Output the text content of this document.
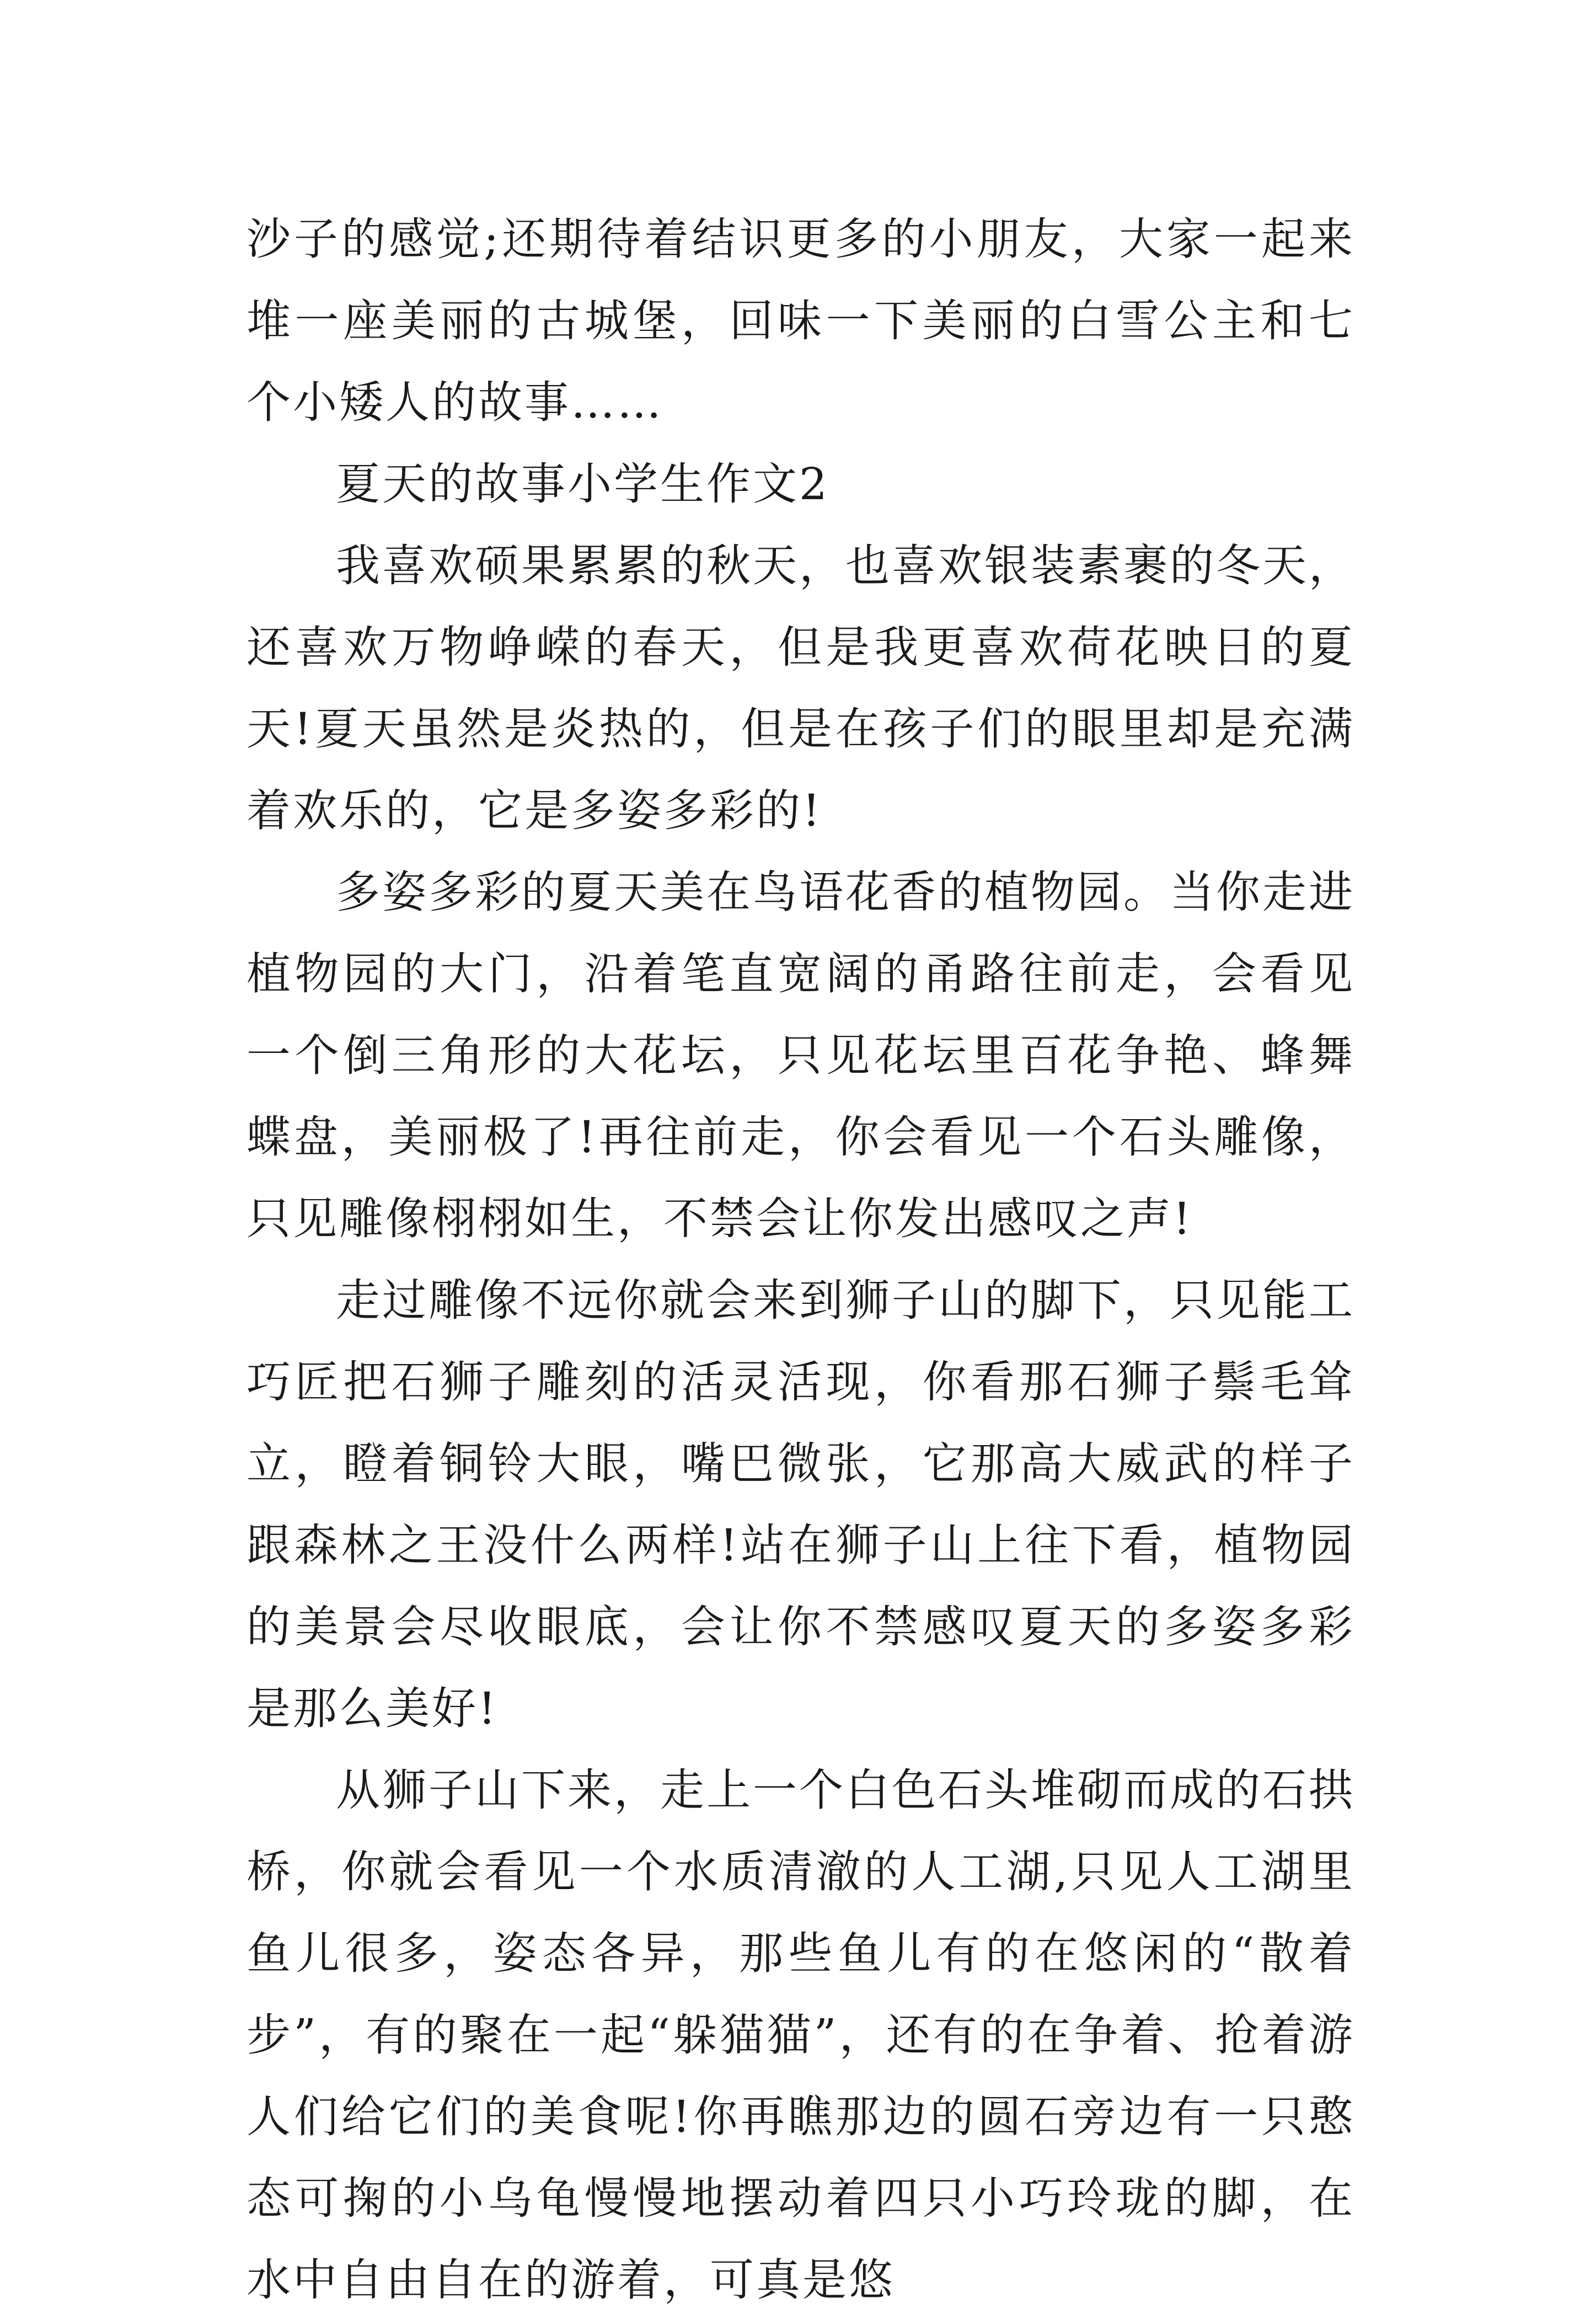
沙子的感觉;还期待着结识更多的小朋友，大家一起来堆一座美丽的古城堡，回味一下美丽的白雪公主和七个小矮人的故事……

夏天的故事小学生作文2

我喜欢硕果累累的秋天，也喜欢银装素裹的冬天，还喜欢万物峥嵘的春天，但是我更喜欢荷花映日的夏天!夏天虽然是炎热的，但是在孩子们的眼里却是充满着欢乐的，它是多姿多彩的!

多姿多彩的夏天美在鸟语花香的植物园。当你走进植物园的大门，沿着笔直宽阔的甬路往前走，会看见一个倒三角形的大花坛，只见花坛里百花争艳、蜂舞蝶盘，美丽极了!再往前走，你会看见一个石头雕像，只见雕像栩栩如生，不禁会让你发出感叹之声!

走过雕像不远你就会来到狮子山的脚下，只见能工巧匠把石狮子雕刻的活灵活现，你看那石狮子鬃毛耸立，瞪着铜铃大眼，嘴巴微张，它那高大威武的样子跟森林之王没什么两样!站在狮子山上往下看，植物园的美景会尽收眼底，会让你不禁感叹夏天的多姿多彩是那么美好!

从狮子山下来，走上一个白色石头堆砌而成的石拱桥，你就会看见一个水质清澈的人工湖,只见人工湖里鱼儿很多，姿态各异，那些鱼儿有的在悠闲的“散着步”，有的聚在一起“躲猫猫”，还有的在争着、抢着游人们给它们的美食呢!你再瞧那边的圆石旁边有一只憨态可掬的小乌龟慢慢地摆动着四只小巧玲珑的脚，在水中自由自在的游着，可真是悠
